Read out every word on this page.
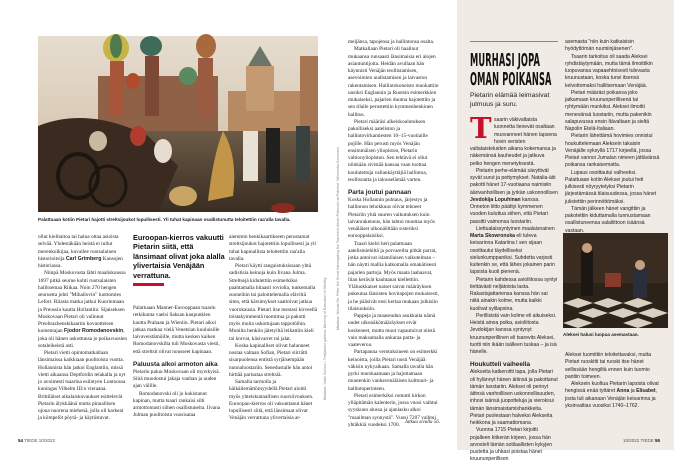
Palattuaan kotiin Pietari hajotti streltsijoukot lopullisesti. Yli tuhat kapinaan osallistunutta teloitettiin raa'alla tavalla.

ollut kielitaitoa tai halua ottaa asioista selvää. Yhdestäkään heistä ei tullut merenkulkijaa, kuvailee ruotsalainen historioitsija Carl Grimberg Kansojen historiassa.

Niinpä Moskovasta lähti maaliskuussa 1697 pitkä seurue kohti ruotsalaisten hallitsemaa Riikaa. Noin 270 hengen seuruetta johti "Mihailovin" luottomies Lefort. Riiasta matka jatkui Kuurinmaan ja Preussin kautta Hollantiin. Sijaiseksen Moskovaan Pietari oli valinnut Preobrazhenskikaartin kovaotteisen komentajan Fjodor Romodanovskin, joka oli hänen uskottunsa jo poikavuosien sotaleikeistä asti.

Pietari vietti opintomatkallaan länsimaissa kaikkiaan puolitoista vuotta. Hollannista hän jatkoi Englantiin, missä vietti aikaansa Deptfordin telakalla ja nyt jo avoimesti tsaarina esiintyen Lontoossa kuningas Vilhelm III:n vieraana. Brittiläiset aikalaiskuvaukset esittelevät Pietarin älykkäänä mutta pinnallisen ujona nuorena miehenä, jolla oli karkeat ja kömpelöt pöytä- ja käytöstavat.

Euroopan-kierros vakuutti Pietarin siitä, että länsimaat olivat joka alalla ylivertaisia Venäjään verrattuna.

Palattuaan Manner-Eurooppaan tsaarin retkikunta vaelsi Saksan kaupunkien kautta Prahaan ja Wieniin. Pietari aikoi jatkaa matkaa vielä Venetsian kuuluisille laivaveistämöille, mutta kesken kaiken Romodanovskilta tuli Moskovasta viesti, että streltsit olivat nousseet kapinaan.

Paluusta alkoi armoton aika

Pietarin paluu Moskovaan oli myrskyisä. Siitä muodostui jakaja vanhan ja uuden ajan välille.

Romodanovski oli jo kukistanut kapinan, mutta tsaari rankaisi silti armottomasti siihen osallistuneita. Iivana Julman puolitoista vuosisataa

aiemmin henkikaartikseen perustamat streltsijoukot hajotettiin lopullisesti ja yli tuhat kapinallista teloitettiin raa'alla tavalla.

Pietari käytti rangaistuksissaan yhtä sadistisia keinoja kuin Iivana Julma. Streltsejä kidutettiin esimerkiksi paahtamalla hitaasti roviolla, tunkemalla suoneihin tai paloittelemalla eläviltä siten, että kärsimykset saattoivat jatkua vuorokausia. Pietari itse mestasi kirveellä toistakymmentä tuomittua ja pakotti myös muita uskottujaan tappotöihin. Monilta henkiin jätetyiltä leikattiin kieli tai korvat, käsivarret tai jalat.

Koska kapinalliset olivat halunneet nostaa valtaan Sofian, Pietari siirrätti sisarpuolensa entistä syrjäisempään nunnaluostariin. Senedustalle hän antoi hirttää parisataa streltsiä.

Samalla tarmolla ja häikäilemättömyydellä Pietari aloitti myös yhteiskunnallisen suursiivouksen. Euroopan-kierros oli vakuuttanut hänet lopullisesti siitä, että länsimaat olivat Venäjän verrattuna ylivertaisia ar-

Maalaus: Vasili Surikov / Tretjakovin galleria: Morning of Execution of Streltsy
54 TIEDE 10/2022

meijänsa, tapojensa ja hallintonsa osalta.

Matkallaan Pietari oli haalinut mukaansa runsaasti länsimaisia eri alojen asiantuntijoita. Heidän avullaan hän käynnisti Venäjän teollistamisen, asevoimien uudistamisen ja laivaston rakentamisen. Hallintokoneisto muokattiin uusiksi Englannin ja Ruotsin esimerkkien mukaiseksi, pajarien duuma hajotettiin ja sen tilalle perustettiin kymmenhenkinen hallitus.

Pietari määräsi alkeiskoulutuksen pakolliseksi aateliston ja hallintovirkamiesten 10–15-vuotiaille pojille. Hän perusti myös Venäjän ensimmäisen yliopiston, Pietarin valtionyliopiston. Sen tehtävä ei ollut niinkään sivistää kansaa vaan tuottaa koulutettuja vallankäyttäjiä hallintoa, teollisuutta ja talouselämää varten.

Parta joutui pannaan

Koska Hollannin puhtaus, järjestys ja hallinnon tehokkuus olivat tehneet Pietariin yhtä suuren vaikutuksen kuin laivanrakennus, hän tahtoi muuttaa myös venäläiset ulkonäöltään sisteriksi eurooppalaisiksi.

Tsaari kielsi heti palattuaan aatelismiehiltä ja porvareilta pitkät parrat, jotka antoivat islamilaisen vaikutelman – hän näytti mallia katkomalla omakätisesti pajarien partoja. Myös maata laahaavat, liian kerävät kauhtanat kiellettiin. Yläluokkaiset naiset saivat määräyksen pukeutua länsisten hovitapojen mukaisesti, ja he pääsivät ensi kertaa mukaan julkisiin tilaisuuksiin.

Pappeja ja maaseudun asukkaita nämä uudet ulkonäkömääräykset eivät koskeneet, mutta muut vapautuivat niistä vain maksamalla ankaraa parta- ja vaateveroa.

Partapanna verotuksineen on esimerkki keinoista, joilla Pietari nosti Venäjää väkisin nykyaikaan. Samalla tavalla hän pyrki murskaamaan ja hajottamaan muutenkin vanhavenäläisen kulttuuri- ja hallintoperinteen.

Pietari esimerkiksi romutti kirkon ylläpitämän kalenterin, jossa vuosi vaihtui syyskuun alussa ja ajanlasku alkoi "maailman synnystä". Vuosi 7207 vaihtui yhtäkkiä vuodeksi 1700. Jatkuu sivulla 56.
Maalaus: Nikolai Ge: Peter the Great Interrogating the Tsarevich Alexei Petrovich at Peterhof. Wikimedia Commons
MURHASI JOPA
OMAN POIKANSA
Pietarin elämää leimasivat julmuus ja suru.
T saarin väkivaltaista luonnetta lienevät osaltaan muovanneet hänen lapsena hovin veristen valtataisteluiden aikana kokemansa ja näkemänsä kauheudet ja jatkuva pelko hengen menetyksestä.

Pietarin perhe-elämää sävyttivät syvät surut ja pettymykset. Natalia-äiti pakotti hänet 17-vuotiaana naimisiin äärivanhoillisen ja jyrkän uskonnollisen Jevdokija Lopuhinan kanssa. Onneton liitto päättyi kymmenen vuoden kuluttua siihen, että Pietari passitti vaimonsa luostariin.

Liettualaissyntyinen maalaisnainen Marta Skowronska eli tuleva keisarinna Katariina I sen sijaan osoittautui täydelliseksi sielunkumppaniksi. Suhdetta varjosti kuitenkin se, että lähes jokainen parin lapsista kuoli pienenä.

Pietarin kahdessa avioliitossa syntyi tiettävästi neljätoista lasta. Rakastajattariensa kanssa hän sai niitä ainakin kolme, mutta kaikki kuolivat sylilapsina.

Perillisistä vain kolme eli aikuiseksi. Heistä ainoa poika, avioliitosta Jevdokijan kanssa syntynyt kruununperillinen eli tsarevits Aleksei, tuotti niin ikään isälleen tuskaa – ja isä hänelle.

Houkutteli vaiheella

Alekseita katkeroitti tapa, jolla Pietari oli hylännyt hänen äitinsä ja pakottanut tämän luostariin. Aleksei oli perinyt äitinsä vanhoillisen uskonnollisuuden, inhosi isänsä juopotteluja ja vieroksui tämän länsimaistamishankkeita. Pietari puolestaan halveksi Alekseita heikkona ja saamattomana.

Vuonna 1715 Pietari kirjoitti pojalleen kitkerän kirjeen, jossa hän arvosteli tämän sotilaallisten kykyjen puutetta ja uhkasi poistaa hänet kruununperillisen

asemasta "niin kuin katkaisisin hyödyttömän ruumiinjäsenen".

Tsaarin tarkoitus oli saada Aleksei ryhdistäytymään, mutta tämä ilmoittikin luopuvansa vapaaehtoisesti tulevasta kruunustaan, koska tunsi itsensä kelvottomaksi hallitsemaan Venäjää.

Pietari määräsi poikansa joko jatkamaan kruununperillisenä tai ryhtymään munkiksi. Aleksei ilmoitti menevänsä luostariin, mutta pakenikin salapuvussa ensin Itävaltaan ja sieltä Napolin Etelä-Italiaan.

Pietarin lähettämä hovimies onnistui houkuttelemaan Aleksein takaisin Venäjälle syksyllä 1717 kirjeellä, jossa Pietari vannoi Jumalan nimeen jättävänsä poikansa rankaisematta.

Lupaus osoittautui valheeksi. Palattuaan kotiin Aleksei joutui heti julkisesti nöyryytetyksi Pietarin järjestämässä tilaisuudessa, jossa hänet julistettiin perinnöttömäksi.

Tämän jälkeen hänet vangittiin ja pakotettiin kiduttamalla tunnustamaan osallistuneensa salaliittoon isäänsä vastaan.

Aleksei halusi luopua asemastaan.

Aleksei tuomittiin teloitettavaksi, mutta Pietari ruoskitti tai ruoski itse hänet sellissään hengiltä ennen kuin tuomio pantiin toimeen.

Aleksein kuoltua Pietarin lapsista olivat hengissä enää tyttäret Anna ja Elisabet, josta tuli aikanaan Venäjän keisarinna ja yksinvaltias vuosiksi 1740–1762.

10/2022 TIEDE 55
